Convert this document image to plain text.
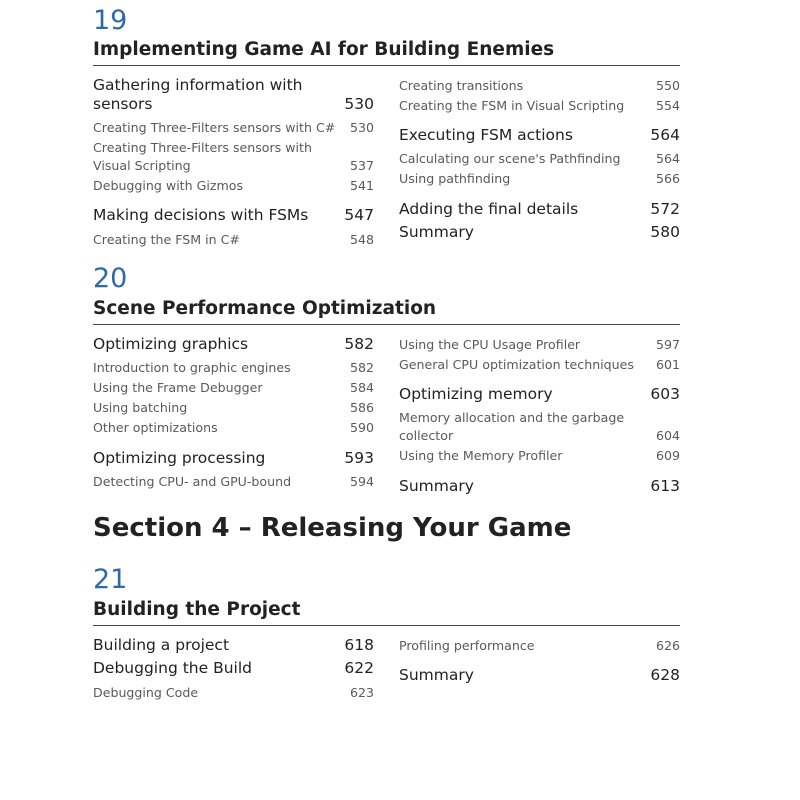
19
Implementing Game AI for Building Enemies
Gathering information with
sensors	530
Creating Three-Filters sensors with C#	530
Creating Three-Filters sensors with
Visual Scripting	537
Debugging with Gizmos	541
Making decisions with FSMs	547
Creating the FSM in C#	548
Creating transitions	550
Creating the FSM in Visual Scripting	554
Executing FSM actions	564
Calculating our scene's Pathfinding	564
Using pathfinding	566
Adding the final details	572
Summary	580
20
Scene Performance Optimization
Optimizing graphics	582
Introduction to graphic engines	582
Using the Frame Debugger	584
Using batching	586
Other optimizations	590
Optimizing processing	593
Detecting CPU- and GPU-bound	594
Using the CPU Usage Profiler	597
General CPU optimization techniques	601
Optimizing memory	603
Memory allocation and the garbage
collector	604
Using the Memory Profiler	609
Summary	613
Section 4 – Releasing Your Game
21
Building the Project
Building a project	618
Debugging the Build	622
Debugging Code	623
Profiling performance	626
Summary	628
